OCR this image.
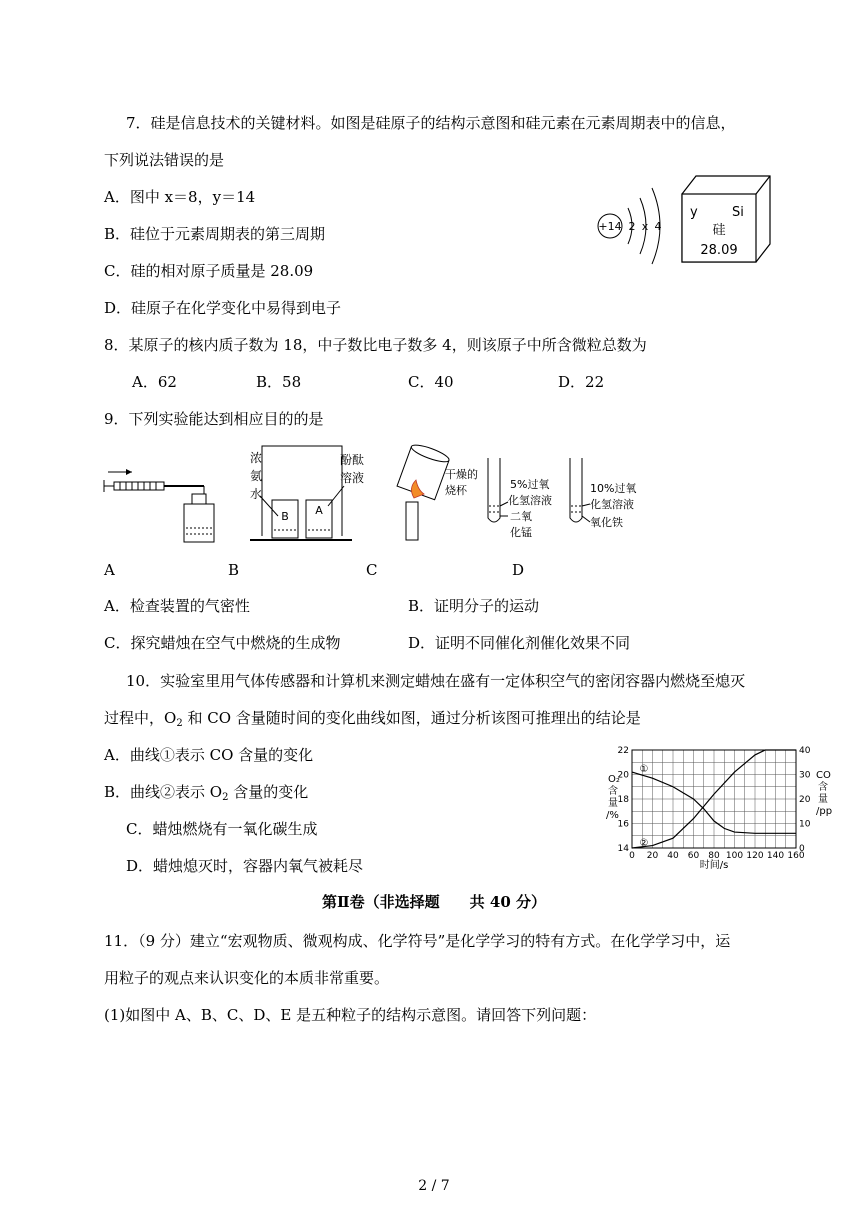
7．硅是信息技术的关键材料。如图是硅原子的结构示意图和硅元素在元素周期表中的信息，
下列说法错误的是
A．图中 x＝8，y＝14
B．硅位于元素周期表的第三周期
C．硅的相对原子质量是 28.09
D．硅原子在化学变化中易得到电子
+14 2 x 4
y	Si
硅
28.09
8．某原子的核内质子数为 18，中子数比电子数多 4，则该原子中所含微粒总数为
A．62	B．58	C．40	D．22
9．下列实验能达到相应目的的是
B A
浓
氨
水
酚酞
溶液	干燥的
烧杯	5%过氧
化氢溶液
二氧
化锰
10%过氧
化氢溶液
氧化铁
A	B	C	D
A．检查装置的气密性	B．证明分子的运动
C．探究蜡烛在空气中燃烧的生成物	D．证明不同催化剂催化效果不同
10．实验室里用气体传感器和计算机来测定蜡烛在盛有一定体积空气的密闭容器内燃烧至熄灭
过程中，$O_2$ 和 CO 含量随时间的变化曲线如图，通过分析该图可推理出的结论是
A．曲线①表示 CO 含量的变化
B．曲线②表示 $O_2$ 含量的变化
C．蜡烛燃烧有一氧化碳生成
D．蜡烛熄灭时，容器内氧气被耗尽
①
②
0 20 40 60 80 100 120 140 160
14
16
18
20
22
0
10
20
30
40
O₂
含
量
/%
CO
含
量
/pp
时间/s
第Ⅱ卷（非选择题　　共 40 分）
11．（9 分）建立“宏观物质、微观构成、化学符号”是化学学习的特有方式。在化学学习中，运
用粒子的观点来认识变化的本质非常重要。
(1)如图中 A、B、C、D、E 是五种粒子的结构示意图。请回答下列问题：
2 / 7
